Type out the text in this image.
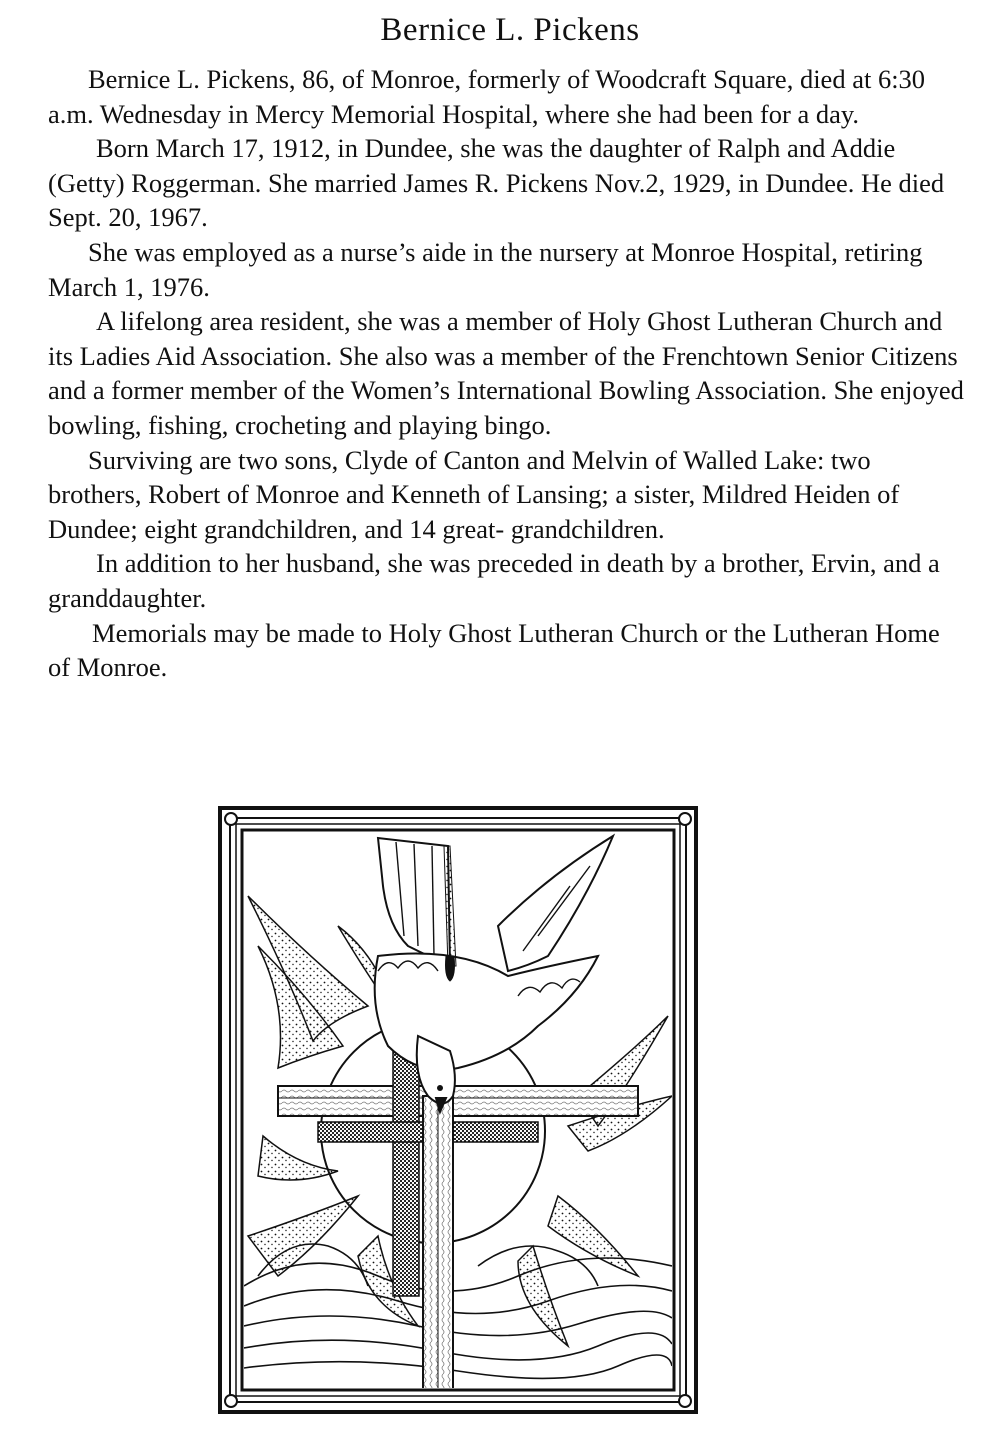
Bernice L. Pickens

Bernice L. Pickens, 86, of Monroe, formerly of Woodcraft Square, died at 6:30 a.m. Wednesday in Mercy Memorial Hospital, where she had been for a day.

Born March 17, 1912, in Dundee, she was the daughter of Ralph and Addie (Getty) Roggerman. She married James R. Pickens Nov.2, 1929, in Dundee. He died Sept. 20, 1967.

She was employed as a nurse’s aide in the nursery at Monroe Hospital, retiring March 1, 1976.

A lifelong area resident, she was a member of Holy Ghost Lutheran Church and its Ladies Aid Association. She also was a member of the Frenchtown Senior Citizens and a former member of the Women’s International Bowling Association. She enjoyed bowling, fishing, crocheting and playing bingo.

Surviving are two sons, Clyde of Canton and Melvin of Walled Lake: two brothers, Robert of Monroe and Kenneth of Lansing; a sister, Mildred Heiden of Dundee; eight grandchildren, and 14 great- grandchildren.

In addition to her husband, she was preceded in death by a brother, Ervin, and a granddaughter.

Memorials may be made to Holy Ghost Lutheran Church or the Lutheran Home of Monroe.
